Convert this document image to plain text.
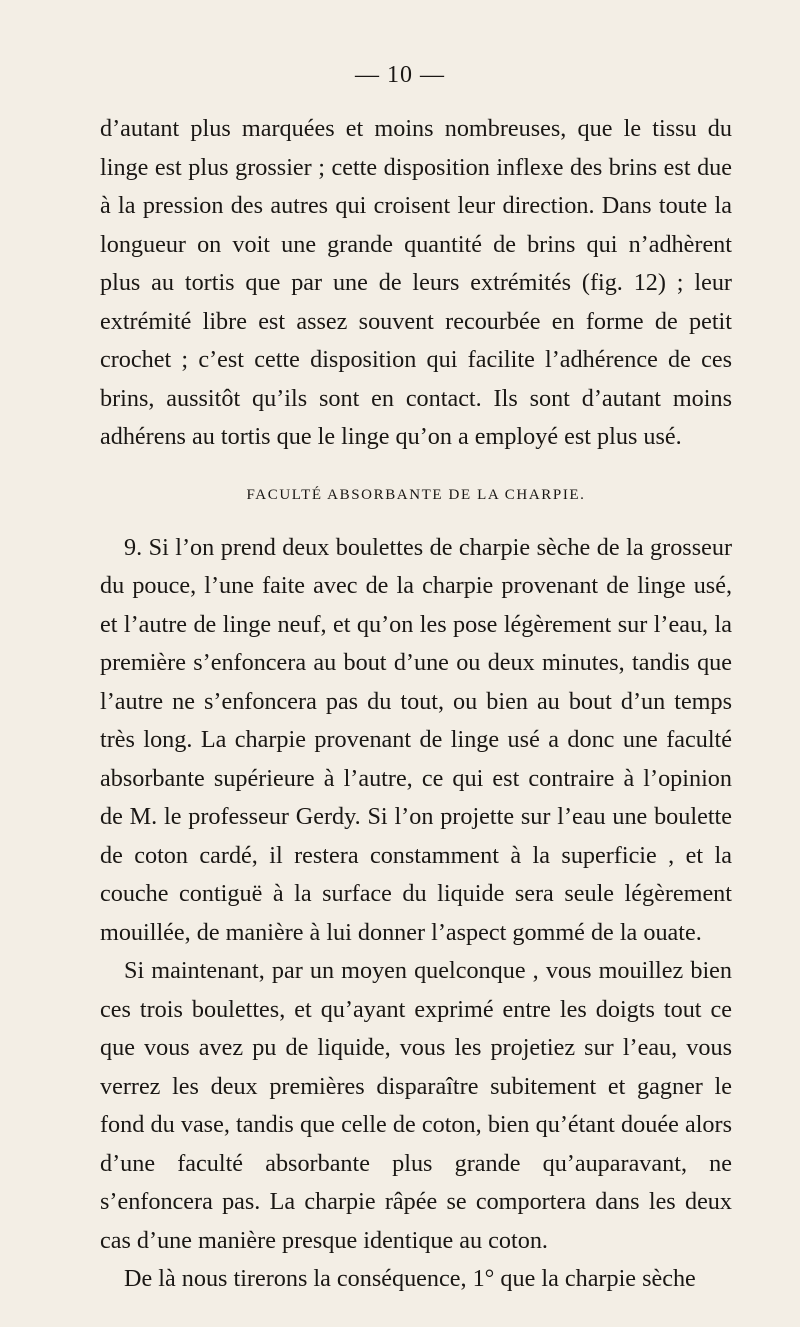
— 10 —

d’autant plus marquées et moins nombreuses, que le tissu du linge est plus grossier ; cette disposition inflexe des brins est due à la pression des autres qui croisent leur direction. Dans toute la longueur on voit une grande quantité de brins qui n’adhèrent plus au tortis que par une de leurs extrémités (fig. 12) ; leur extrémité libre est assez souvent recourbée en forme de petit crochet ; c’est cette disposition qui facilite l’adhérence de ces brins, aussitôt qu’ils sont en contact. Ils sont d’autant moins adhérens au tortis que le linge qu’on a employé est plus usé.

FACULTÉ ABSORBANTE DE LA CHARPIE.

9. Si l’on prend deux boulettes de charpie sèche de la grosseur du pouce, l’une faite avec de la charpie provenant de linge usé, et l’autre de linge neuf, et qu’on les pose légèrement sur l’eau, la première s’enfoncera au bout d’une ou deux minutes, tandis que l’autre ne s’enfoncera pas du tout, ou bien au bout d’un temps très long. La charpie provenant de linge usé a donc une faculté absorbante supérieure à l’autre, ce qui est contraire à l’opinion de M. le professeur Gerdy. Si l’on projette sur l’eau une boulette de coton cardé, il restera constamment à la superficie , et la couche contiguë à la surface du liquide sera seule légèrement mouillée, de manière à lui donner l’aspect gommé de la ouate.

Si maintenant, par un moyen quelconque , vous mouillez bien ces trois boulettes, et qu’ayant exprimé entre les doigts tout ce que vous avez pu de liquide, vous les projetiez sur l’eau, vous verrez les deux premières disparaître subitement et gagner le fond du vase, tandis que celle de coton, bien qu’étant douée alors d’une faculté absorbante plus grande qu’auparavant, ne s’enfoncera pas. La charpie râpée se comportera dans les deux cas d’une manière presque identique au coton.

De là nous tirerons la conséquence, 1° que la charpie sèche
